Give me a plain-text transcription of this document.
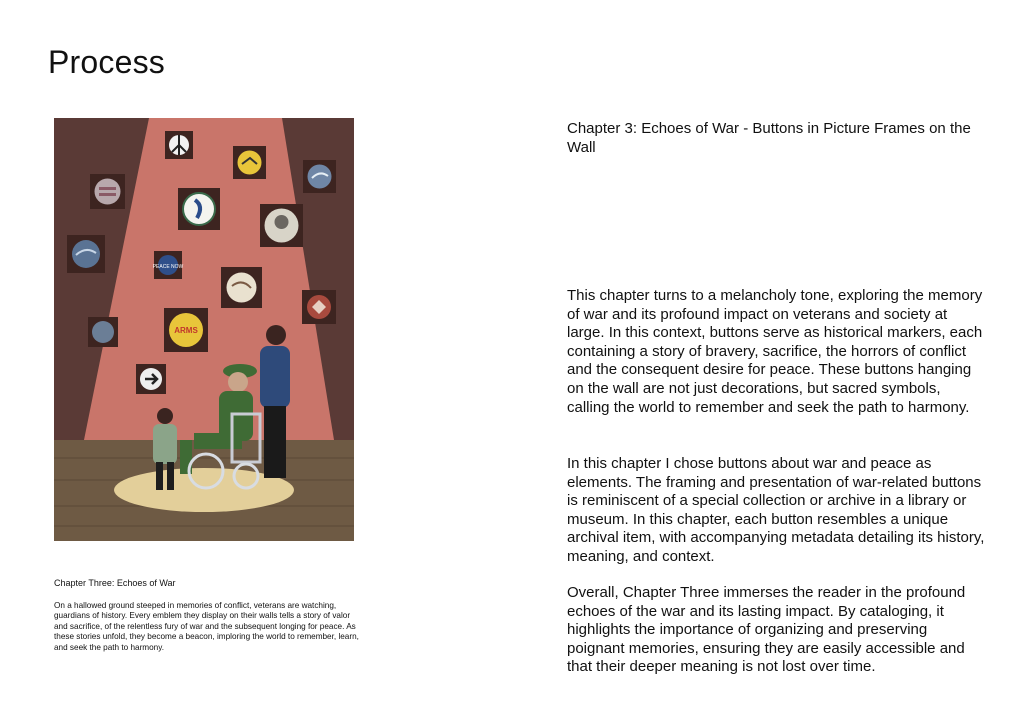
Process
PEACE NOW
ARMS

Chapter Three: Echoes of War

On a hallowed ground steeped in memories of conflict, veterans are watching, guardians of history. Every emblem they display on their walls tells a story of valor and sacrifice, of the relentless fury of war and the subsequent longing for peace. As these stories unfold, they become a beacon, imploring the world to remember, learn, and seek the path to harmony.

Chapter 3: Echoes of War - Buttons in Picture Frames on the Wall

This chapter turns to a melancholy tone, exploring the memory of war and its profound impact on veterans and society at large. In this context, buttons serve as historical markers, each containing a story of bravery, sacrifice, the horrors of conflict and the consequent desire for peace. These buttons hanging on the wall are not just decorations, but sacred symbols, calling the world to remember and seek the path to harmony.

In this chapter I chose buttons about war and peace as elements. The framing and presentation of war-related buttons is reminiscent of a special collection or archive in a library or museum. In this chapter, each button resembles a unique archival item, with accompanying metadata detailing its history, meaning, and context.

Overall, Chapter Three immerses the reader in the profound echoes of the war and its lasting impact. By cataloging, it highlights the importance of organizing and preserving poignant memories, ensuring they are easily accessible and that their deeper meaning is not lost over time.
